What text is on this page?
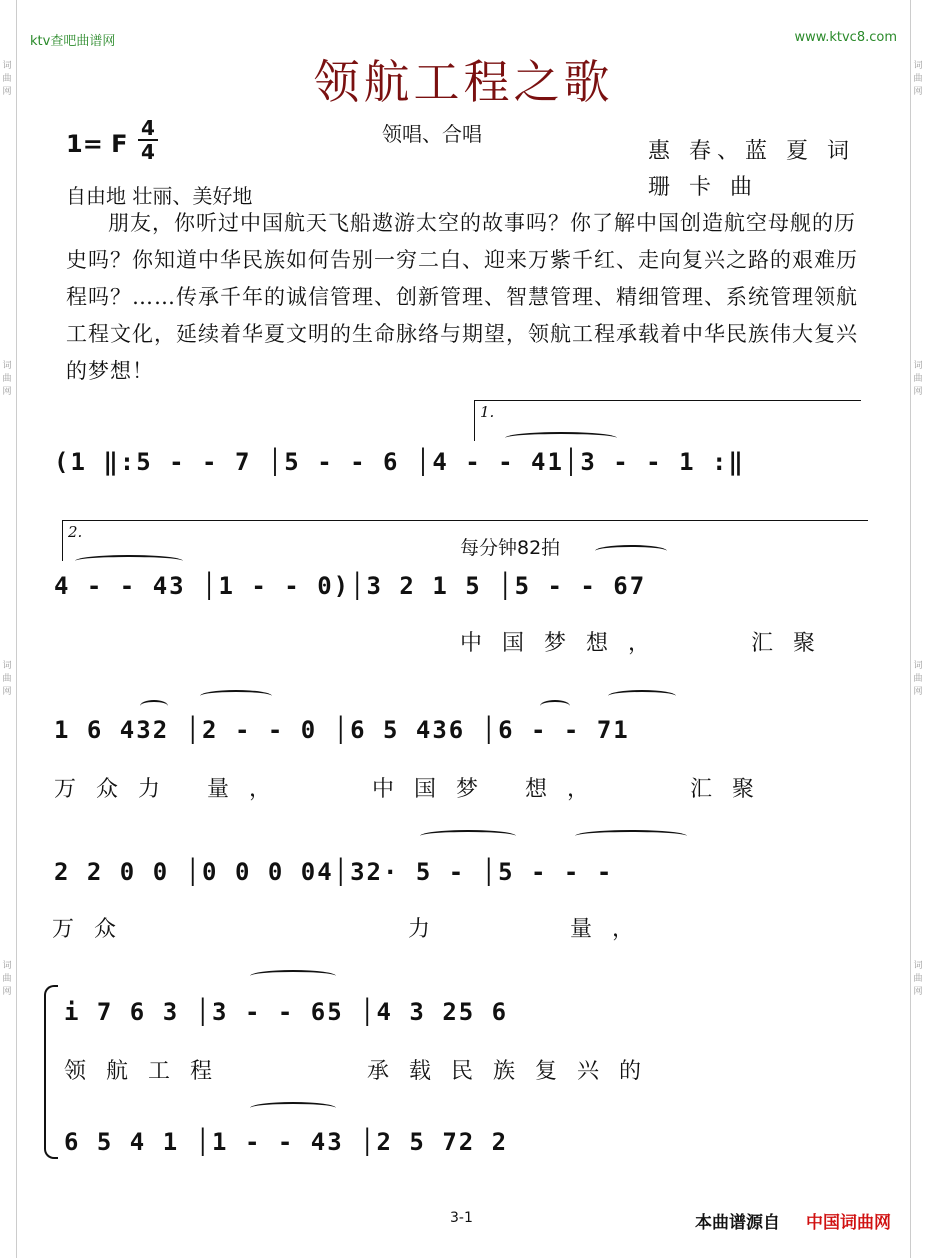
词曲网
词曲网
词曲网
词曲网
词曲网
词曲网
词曲网
词曲网
ktv查吧曲谱网	www.ktvc8.com
领航工程之歌
1= F
4
4
领唱、合唱
惠 春、蓝 夏 词
珊 卡 曲
自由地 壮丽、美好地
朋友，你听过中国航天飞船遨游太空的故事吗？你了解中国创造航空母舰的历史吗？你知道中华民族如何告别一穷二白、迎来万紫千红、走向复兴之路的艰难历程吗？……传承千年的诚信管理、创新管理、智慧管理、精细管理、系统管理领航工程文化，延续着华夏文明的生命脉络与期望，领航工程承载着中华民族伟大复兴的梦想！
1.
(1 ‖:5 - - 7 │5 - - 6 │4 - - 41│3 - - 1 :‖
2.
每分钟82拍
4 - - 43 │1 - - 0)│3 2 1 5 │5 - - 67
中国梦想，   汇聚
1 6 432 │2 - - 0 │6 5 436 │6 - - 71
万众力 量，   中国梦 想，   汇聚
2 2 0 0 │0 0 0 04│32· 5 - │5 - - -
万众	力	量，
i 7 6 3 │3 - - 65 │4 3 25 6
领航工程     承载民族复兴的
6 5 4 1 │1 - - 43 │2 5 72 2
3-1	本曲谱源自 中国词曲网
